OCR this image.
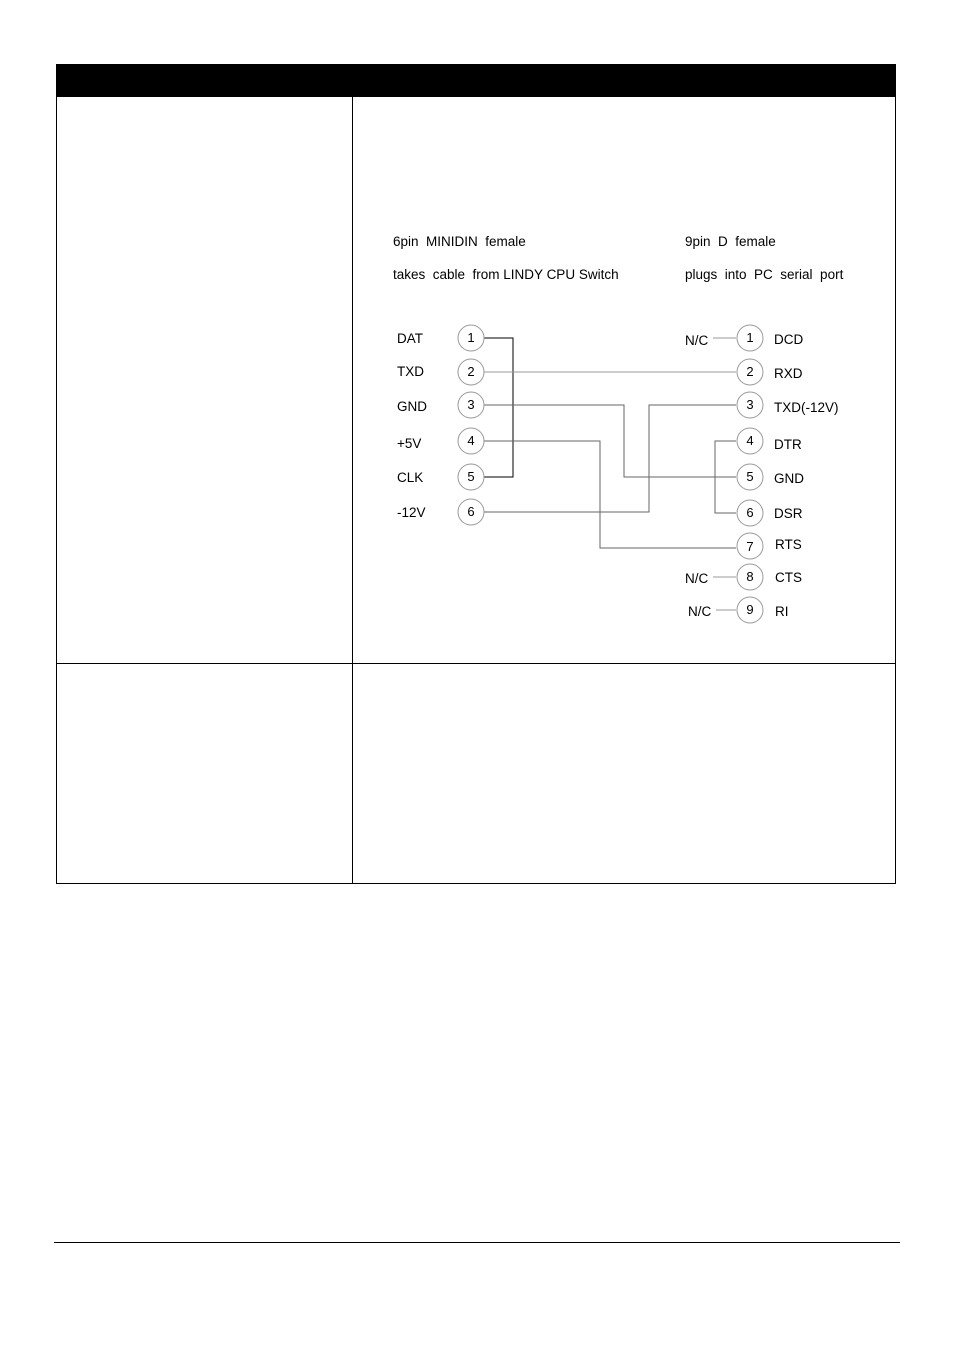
6pin  MINIDIN  female
takes  cable  from LINDY CPU Switch
9pin  D  female
plugs  into  PC  serial  port
DAT	1
TXD	2
GND	3
+5V	4
CLK	5
-12V	6
N/C	1 DCD
2 RXD
3 TXD(-12V)
4 DTR
5 GND
6 DSR
7 RTS
N/C	8 CTS
N/C	9 RI
